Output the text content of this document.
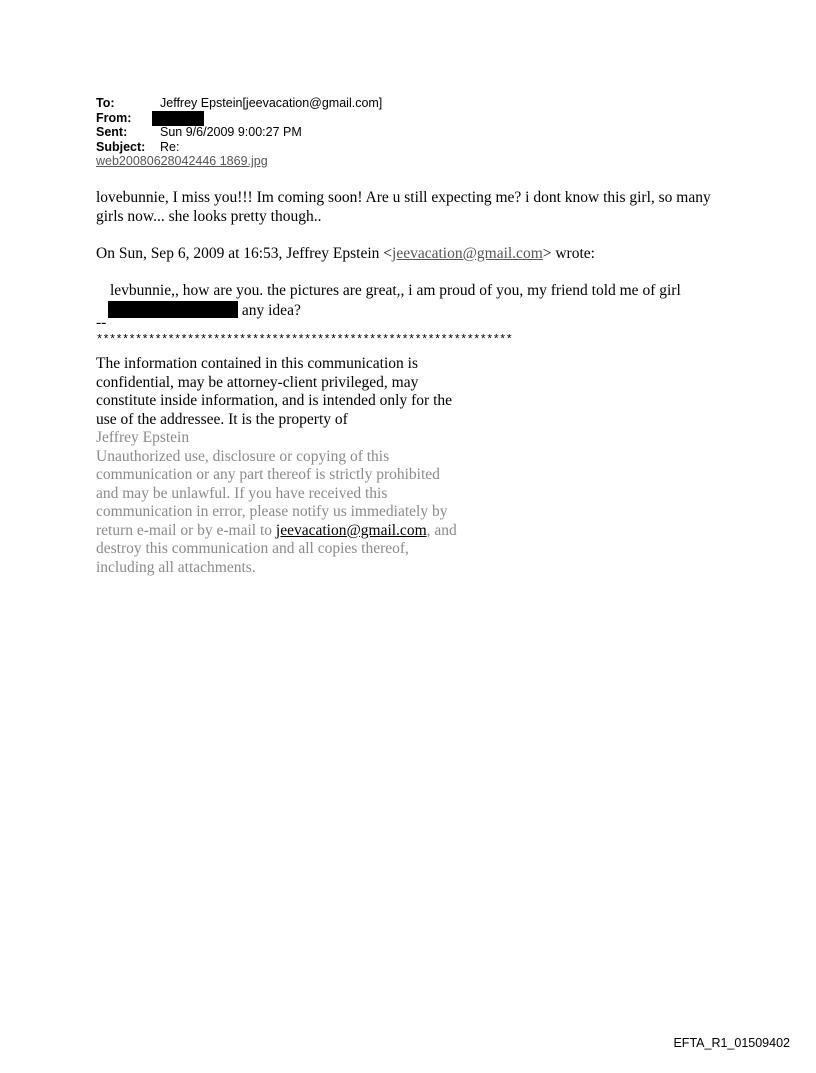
To:	Jeffrey Epstein[jeevacation@gmail.com]
From:
Sent:	Sun 9/6/2009 9:00:27 PM
Subject:	Re:
web20080628042446 1869.jpg
lovebunnie, I miss you!!! Im coming soon! Are u still expecting me? i dont know this girl, so many girls now... she looks pretty though..
On Sun, Sep 6, 2009 at 16:53, Jeffrey Epstein <jeevacation@gmail.com> wrote:
levbunnie,, how are you. the pictures are great,, i am proud of you, my friend told me of girl
any idea?
--
****************************************************************
The information contained in this communication is confidential, may be attorney-client privileged, may constitute inside information, and is intended only for the use of the addressee. It is the property of
Jeffrey Epstein
Unauthorized use, disclosure or copying of this communication or any part thereof is strictly prohibited and may be unlawful. If you have received this communication in error, please notify us immediately by return e-mail or by e-mail to jeevacation@gmail.com, and destroy this communication and all copies thereof, including all attachments.
EFTA_R1_01509402
